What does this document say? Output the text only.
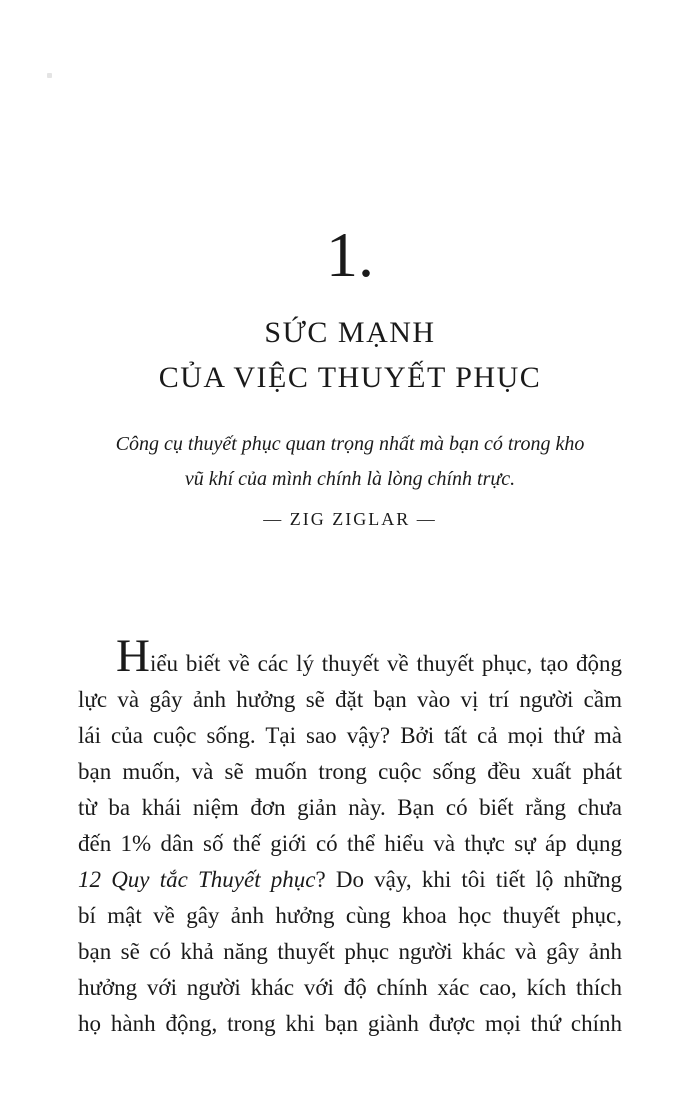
1.
SỨC MẠNH
CỦA VIỆC THUYẾT PHỤC
Công cụ thuyết phục quan trọng nhất mà bạn có trong kho
vũ khí của mình chính là lòng chính trực.
— ZIG ZIGLAR —
Hiểu biết về các lý thuyết về thuyết phục, tạo động
lực và gây ảnh hưởng sẽ đặt bạn vào vị trí người cầm
lái của cuộc sống. Tại sao vậy? Bởi tất cả mọi thứ mà
bạn muốn, và sẽ muốn trong cuộc sống đều xuất phát
từ ba khái niệm đơn giản này. Bạn có biết rằng chưa
đến 1% dân số thế giới có thể hiểu và thực sự áp dụng
12 Quy tắc Thuyết phục? Do vậy, khi tôi tiết lộ những
bí mật về gây ảnh hưởng cùng khoa học thuyết phục,
bạn sẽ có khả năng thuyết phục người khác và gây ảnh
hưởng với người khác với độ chính xác cao, kích thích
họ hành động, trong khi bạn giành được mọi thứ chính
